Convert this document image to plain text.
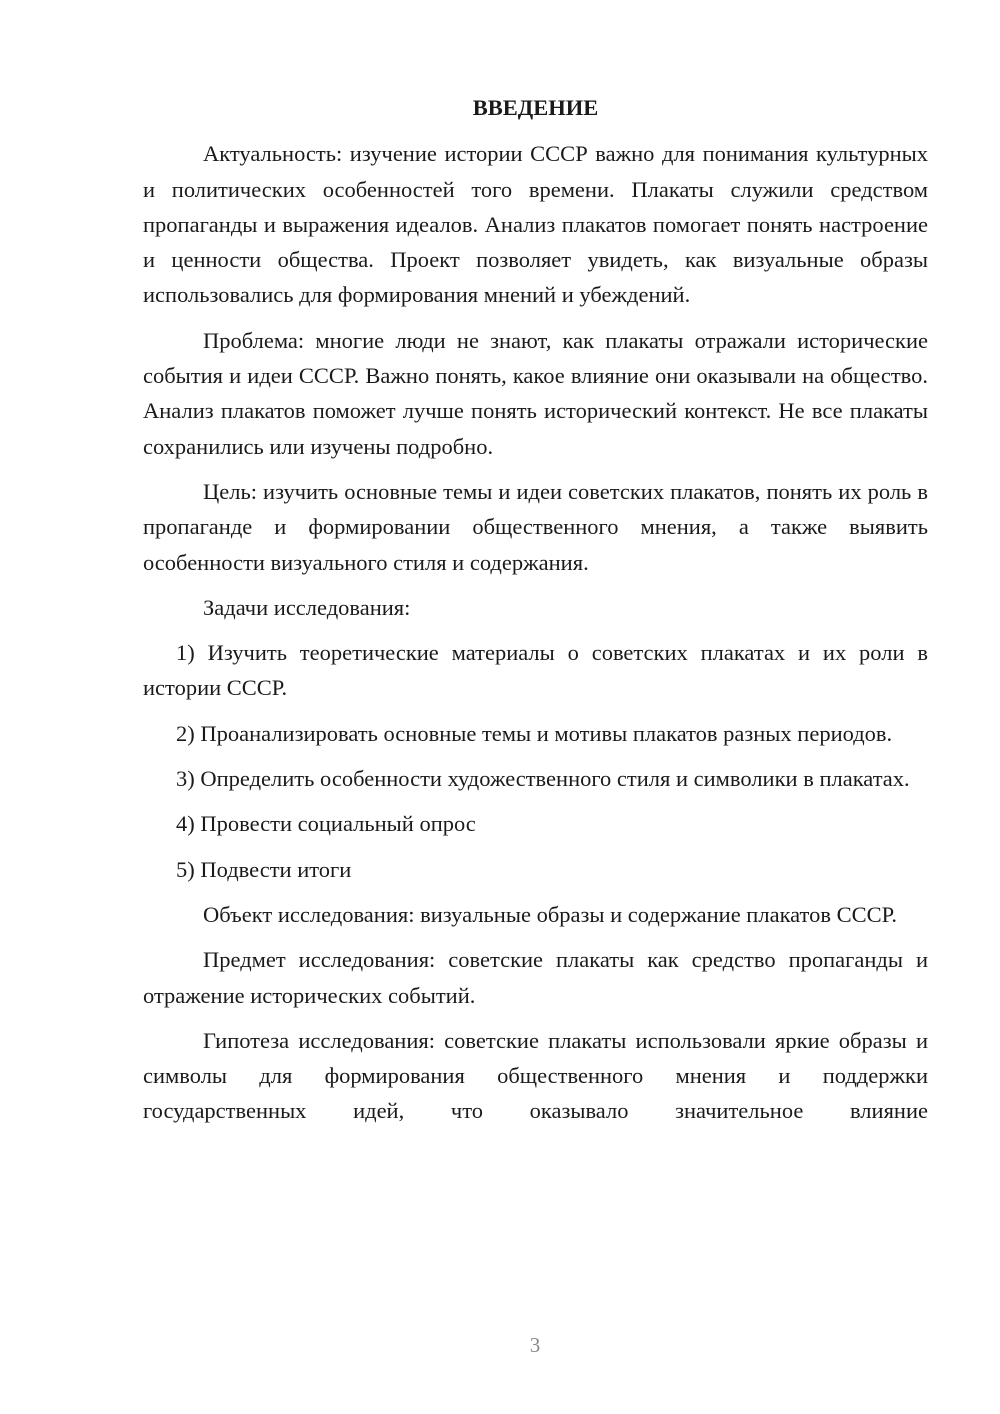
ВВЕДЕНИЕ

Актуальность: изучение истории СССР важно для понимания культурных и политических особенностей того времени. Плакаты служили средством пропаганды и выражения идеалов. Анализ плакатов помогает понять настроение и ценности общества. Проект позволяет увидеть, как визуальные образы использовались для формирования мнений и убеждений.

Проблема: многие люди не знают, как плакаты отражали исторические события и идеи СССР. Важно понять, какое влияние они оказывали на общество. Анализ плакатов поможет лучше понять исторический контекст. Не все плакаты сохранились или изучены подробно.

Цель: изучить основные темы и идеи советских плакатов, понять их роль в пропаганде и формировании общественного мнения, а также выявить особенности визуального стиля и содержания.

Задачи исследования:

1) Изучить теоретические материалы о советских плакатах и их роли в истории СССР.

2) Проанализировать основные темы и мотивы плакатов разных периодов.

3) Определить особенности художественного стиля и символики в плакатах.

4) Провести социальный опрос

5) Подвести итоги

Объект исследования: визуальные образы и содержание плакатов СССР.

Предмет исследования: советские плакаты как средство пропаганды и отражение исторических событий.

Гипотеза исследования: советские плакаты использовали яркие образы и символы для формирования общественного мнения и поддержки государственных идей, что оказывало значительное влияние

3
